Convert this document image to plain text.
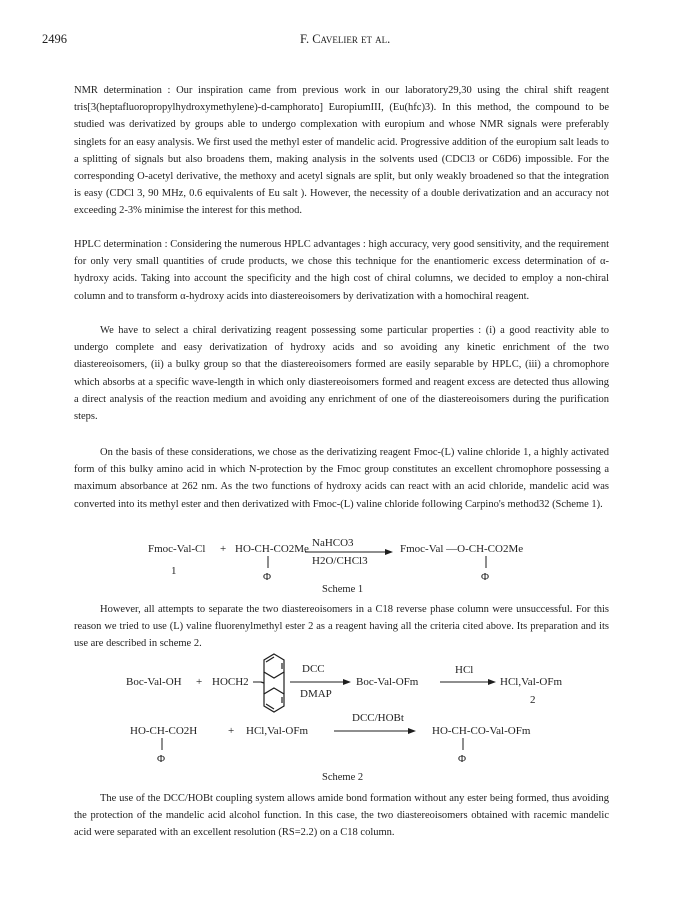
2496	F. Cavelier et al.

NMR determination : Our inspiration came from previous work in our laboratory29,30 using the chiral shift reagent tris[3(heptafluoropropylhydroxymethylene)-d-camphorato] EuropiumIII, (Eu(hfc)3). In this method, the compound to be studied was derivatized by groups able to undergo complexation with europium and whose NMR signals were preferably singlets for an easy analysis. We first used the methyl ester of mandelic acid. Progressive addition of the europium salt leads to a splitting of signals but also broadens them, making analysis in the solvents used (CDCl3 or C6D6) impossible. For the corresponding O-acetyl derivative, the methoxy and acetyl signals are split, but only weakly broadened so that the integration is easy (CDCl 3, 90 MHz, 0.6 equivalents of Eu salt ). However, the necessity of a double derivatization and an accuracy not exceeding 2-3% minimise the interest for this method.

HPLC determination : Considering the numerous HPLC advantages : high accuracy, very good sensitivity, and the requirement for only very small quantities of crude products, we chose this technique for the enantiomeric excess determination of α-hydroxy acids. Taking into account the specificity and the high cost of chiral columns, we decided to employ a non-chiral column and to transform α-hydroxy acids into diastereoisomers by derivatization with a homochiral reagent.

We have to select a chiral derivatizing reagent possessing some particular properties : (i) a good reactivity able to undergo complete and easy derivatization of hydroxy acids and so avoiding any kinetic enrichment of the two diastereoisomers, (ii) a bulky group so that the diastereoisomers formed are easily separable by HPLC, (iii) a chromophore which absorbs at a specific wave-length in which only diastereoisomers formed and reagent excess are detected thus allowing a direct analysis of the reaction medium and avoiding any enrichment of one of the diastereoisomers during the purification steps.

On the basis of these considerations, we chose as the derivatizing reagent Fmoc-(L) valine chloride 1, a highly activated form of this bulky amino acid in which N-protection by the Fmoc group constitutes an excellent chromophore possessing a maximum absorbance at 262 nm. As the two functions of hydroxy acids can react with an acid chloride, mandelic acid was converted into its methyl ester and then derivatized with Fmoc-(L) valine chloride following Carpino's method32 (Scheme 1).

Fmoc-Val-Cl
1
+ HO-CH-CO2Me
Φ
NaHCO3
H2O/CHCl3
Fmoc-Val —O-CH-CO2Me
Φ
Scheme 1

However, all attempts to separate the two diastereoisomers in a C18 reverse phase column were unsuccessful. For this reason we tried to use (L) valine fluorenylmethyl ester 2 as a reagent having all the criteria cited above. Its preparation and its use are described in scheme 2.

Boc-Val-OH + HOCH2
DCC
DMAP
Boc-Val-OFm
HCl
HCl,Val-OFm
2
HO-CH-CO2H
Φ
+ HCl,Val-OFm
DCC/HOBt
HO-CH-CO-Val-OFm
Φ
Scheme 2

The use of the DCC/HOBt coupling system allows amide bond formation without any ester being formed, thus avoiding the protection of the mandelic acid alcohol function. In this case, the two diastereoisomers obtained with racemic mandelic acid were separated with an excellent resolution (RS=2.2) on a C18 column.
